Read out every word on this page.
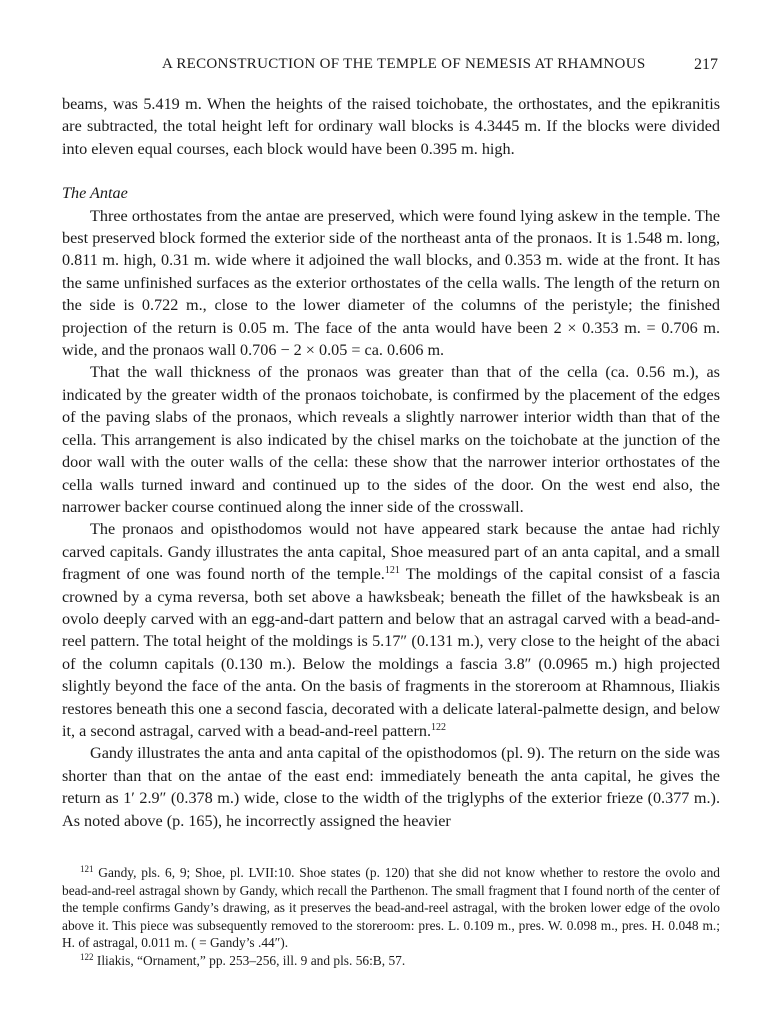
A RECONSTRUCTION OF THE TEMPLE OF NEMESIS AT RHAMNOUS	217

beams, was 5.419 m. When the heights of the raised toichobate, the orthostates, and the epikranitis are subtracted, the total height left for ordinary wall blocks is 4.3445 m. If the blocks were divided into eleven equal courses, each block would have been 0.395 m. high.

The Antae

Three orthostates from the antae are preserved, which were found lying askew in the temple. The best preserved block formed the exterior side of the northeast anta of the pronaos. It is 1.548 m. long, 0.811 m. high, 0.31 m. wide where it adjoined the wall blocks, and 0.353 m. wide at the front. It has the same unfinished surfaces as the exterior orthostates of the cella walls. The length of the return on the side is 0.722 m., close to the lower diameter of the columns of the peristyle; the finished projection of the return is 0.05 m. The face of the anta would have been 2 × 0.353 m. = 0.706 m. wide, and the pronaos wall 0.706 − 2 × 0.05 = ca. 0.606 m.

That the wall thickness of the pronaos was greater than that of the cella (ca. 0.56 m.), as indicated by the greater width of the pronaos toichobate, is confirmed by the placement of the edges of the paving slabs of the pronaos, which reveals a slightly narrower interior width than that of the cella. This arrangement is also indicated by the chisel marks on the toichobate at the junction of the door wall with the outer walls of the cella: these show that the narrower interior orthostates of the cella walls turned inward and continued up to the sides of the door. On the west end also, the narrower backer course continued along the inner side of the crosswall.

The pronaos and opisthodomos would not have appeared stark because the antae had richly carved capitals. Gandy illustrates the anta capital, Shoe measured part of an anta capital, and a small fragment of one was found north of the temple.$^{121}$ The moldings of the capital consist of a fascia crowned by a cyma reversa, both set above a hawksbeak; beneath the fillet of the hawksbeak is an ovolo deeply carved with an egg-and-dart pattern and below that an astragal carved with a bead-and-reel pattern. The total height of the moldings is 5.17″ (0.131 m.), very close to the height of the abaci of the column capitals (0.130 m.). Below the moldings a fascia 3.8″ (0.0965 m.) high projected slightly beyond the face of the anta. On the basis of fragments in the storeroom at Rhamnous, Iliakis restores beneath this one a second fascia, decorated with a delicate lateral-palmette design, and below it, a second astragal, carved with a bead-and-reel pattern.$^{122}$

Gandy illustrates the anta and anta capital of the opisthodomos (pl. 9). The return on the side was shorter than that on the antae of the east end: immediately beneath the anta capital, he gives the return as 1′ 2.9″ (0.378 m.) wide, close to the width of the triglyphs of the exterior frieze (0.377 m.). As noted above (p. 165), he incorrectly assigned the heavier

$^{121}$ Gandy, pls. 6, 9; Shoe, pl. LVII:10. Shoe states (p. 120) that she did not know whether to restore the ovolo and bead-and-reel astragal shown by Gandy, which recall the Parthenon. The small fragment that I found north of the center of the temple confirms Gandy’s drawing, as it preserves the bead-and-reel astragal, with the broken lower edge of the ovolo above it. This piece was subsequently removed to the storeroom: pres. L. 0.109 m., pres. W. 0.098 m., pres. H. 0.048 m.; H. of astragal, 0.011 m. ( = Gandy’s .44″).

$^{122}$ Iliakis, “Ornament,” pp. 253–256, ill. 9 and pls. 56:B, 57.
